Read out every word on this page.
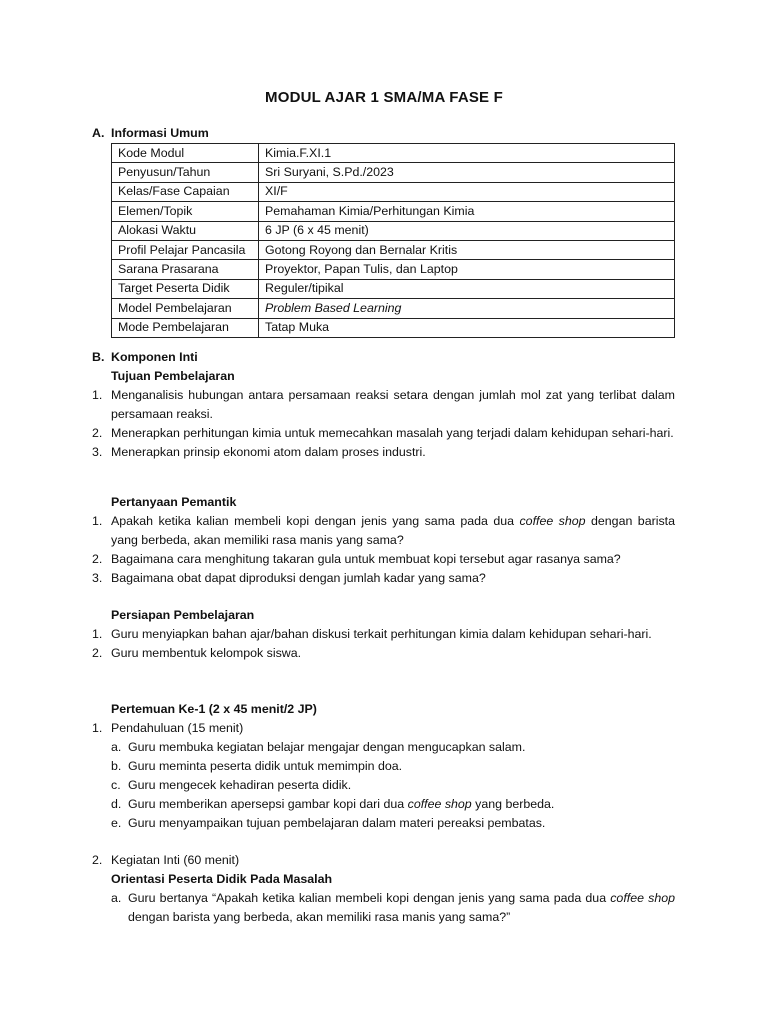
MODUL AJAR 1 SMA/MA FASE F
A. Informasi Umum
Kode Modul	Kimia.F.XI.1
Penyusun/Tahun	Sri Suryani, S.Pd./2023
Kelas/Fase Capaian	XI/F
Elemen/Topik	Pemahaman Kimia/Perhitungan Kimia
Alokasi Waktu	6 JP (6 x 45 menit)
Profil Pelajar Pancasila	Gotong Royong dan Bernalar Kritis
Sarana Prasarana	Proyektor, Papan Tulis, dan Laptop
Target Peserta Didik	Reguler/tipikal
Model Pembelajaran	Problem Based Learning
Mode Pembelajaran	Tatap Muka
B. Komponen Inti
Tujuan Pembelajaran
1. Menganalisis hubungan antara persamaan reaksi setara dengan jumlah mol zat yang terlibat dalam persamaan reaksi.
2. Menerapkan perhitungan kimia untuk memecahkan masalah yang terjadi dalam kehidupan sehari-hari.
3. Menerapkan prinsip ekonomi atom dalam proses industri.
Pertanyaan Pemantik
1. Apakah ketika kalian membeli kopi dengan jenis yang sama pada dua coffee shop dengan barista yang berbeda, akan memiliki rasa manis yang sama?
2. Bagaimana cara menghitung takaran gula untuk membuat kopi tersebut agar rasanya sama?
3. Bagaimana obat dapat diproduksi dengan jumlah kadar yang sama?
Persiapan Pembelajaran
1. Guru menyiapkan bahan ajar/bahan diskusi terkait perhitungan kimia dalam kehidupan sehari-hari.
2. Guru membentuk kelompok siswa.
Pertemuan Ke-1 (2 x 45 menit/2 JP)
1. Pendahuluan (15 menit)
a. Guru membuka kegiatan belajar mengajar dengan mengucapkan salam.
b. Guru meminta peserta didik untuk memimpin doa.
c. Guru mengecek kehadiran peserta didik.
d. Guru memberikan apersepsi gambar kopi dari dua coffee shop yang berbeda.
e. Guru menyampaikan tujuan pembelajaran dalam materi pereaksi pembatas.
2. Kegiatan Inti (60 menit)
Orientasi Peserta Didik Pada Masalah
a. Guru bertanya “Apakah ketika kalian membeli kopi dengan jenis yang sama pada dua coffee shop dengan barista yang berbeda, akan memiliki rasa manis yang sama?”
